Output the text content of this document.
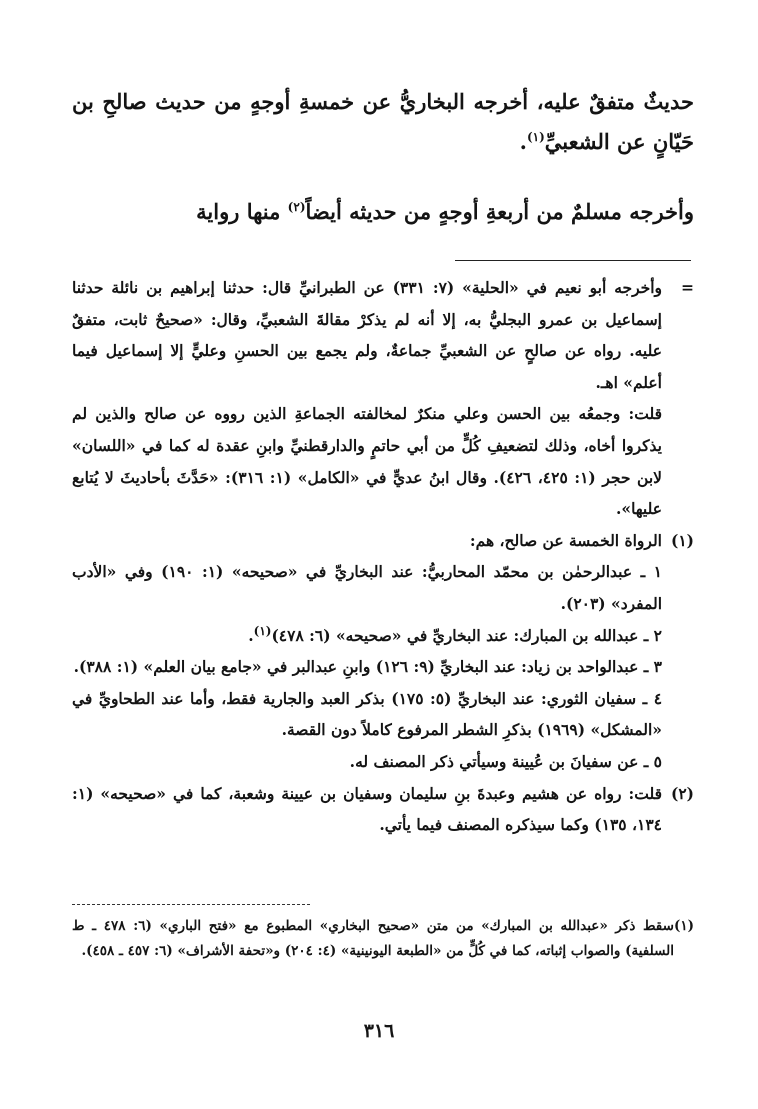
حديثٌ متفقٌ عليه، أخرجه البخاريُّ عن خمسةِ أوجهٍ من حديث صالحِ بن حَيّانٍ عن الشعبيِّ$^{(١)}$.

وأخرجه مسلمٌ من أربعةِ أوجهٍ من حديثه أيضاً$^{(٢)}$ منها رواية

=

وأخرجه أبو نعيم في «الحلية» (٧: ٣٣١) عن الطبرانيِّ قال: حدثنا إبراهيم بن نائلة حدثنا إسماعيل بن عمرو البجليُّ به، إلا أنه لم يذكرْ مقالةَ الشعبيِّ، وقال: «صحيحٌ ثابت، متفقٌ عليه. رواه عن صالحٍ عن الشعبيِّ جماعةٌ، ولم يجمع بين الحسنِ وعليٍّ إلا إسماعيل فيما أعلم» اهـ.

قلت: وجمعُه بين الحسن وعلي منكرٌ لمخالفته الجماعةِ الذين رووه عن صالح والذين لم يذكروا أخاه، وذلك لتضعيفِ كُلٍّ من أبي حاتمٍ والدارقطنيِّ وابنِ عقدة له كما في «اللسان» لابن حجر (١: ٤٢٥، ٤٢٦). وقال ابنُ عديٍّ في «الكامل» (١: ٣١٦): «حَدَّثَ بأحاديثَ لا يُتابع عليها».

(١)

الرواة الخمسة عن صالح، هم:

١ ـ عبدالرحمٰن بن محمّد المحاربيُّ: عند البخاريِّ في «صحيحه» (١: ١٩٠) وفي «الأدب المفرد» (٢٠٣).

٢ ـ عبدالله بن المبارك: عند البخاريِّ في «صحيحه» (٦: ٤٧٨)$^{(١)}$.

٣ ـ عبدالواحد بن زياد: عند البخاريِّ (٩: ١٢٦) وابنِ عبدالبر في «جامع بيان العلم» (١: ٣٨٨).

٤ ـ سفيان الثوري: عند البخاريِّ (٥: ١٧٥) بذكر العبد والجارية فقط، وأما عند الطحاويِّ في «المشكل» (١٩٦٩) بذكرِ الشطر المرفوع كاملاً دون القصة.

٥ ـ عن سفيانَ بن عُيينة وسيأتي ذكر المصنف له.

(٢)

قلت: رواه عن هشيم وعبدةَ بنِ سليمان وسفيان بن عيينة وشعبة، كما في «صحيحه» (١: ١٣٤، ١٣٥) وكما سيذكره المصنف فيما يأتي.

(١)سقط ذكر «عبدالله بن المبارك» من متن «صحيح البخاري» المطبوع مع «فتح الباري» (٦: ٤٧٨ ـ ط السلفية) والصواب إثباته، كما في كُلٍّ من «الطبعة اليونينية» (٤: ٢٠٤) و«تحفة الأشراف» (٦: ٤٥٧ ـ ٤٥٨).

٣١٦
